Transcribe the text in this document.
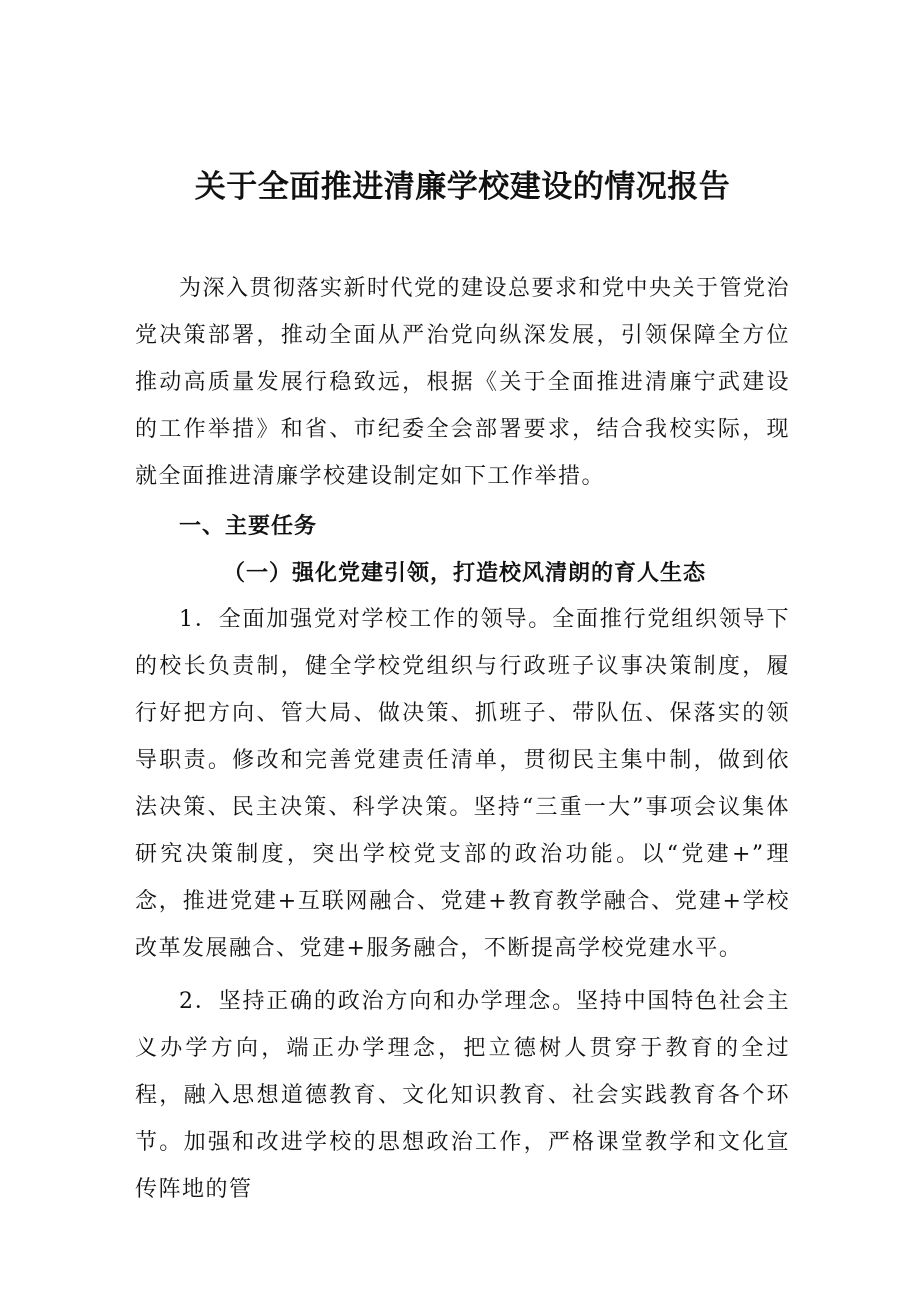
关于全面推进清廉学校建设的情况报告

为深入贯彻落实新时代党的建设总要求和党中央关于管党治党决策部署，推动全面从严治党向纵深发展，引领保障全方位推动高质量发展行稳致远，根据《关于全面推进清廉宁武建设的工作举措》和省、市纪委全会部署要求，结合我校实际，现就全面推进清廉学校建设制定如下工作举措。

一、主要任务
（一）强化党建引领，打造校风清朗的育人生态

1．全面加强党对学校工作的领导。全面推行党组织领导下的校长负责制，健全学校党组织与行政班子议事决策制度，履行好把方向、管大局、做决策、抓班子、带队伍、保落实的领导职责。修改和完善党建责任清单，贯彻民主集中制，做到依法决策、民主决策、科学决策。坚持“三重一大”事项会议集体研究决策制度，突出学校党支部的政治功能。以“党建+”理念，推进党建+互联网融合、党建+教育教学融合、党建+学校改革发展融合、党建+服务融合，不断提高学校党建水平。

2．坚持正确的政治方向和办学理念。坚持中国特色社会主义办学方向，端正办学理念，把立德树人贯穿于教育的全过程，融入思想道德教育、文化知识教育、社会实践教育各个环节。加强和改进学校的思想政治工作，严格课堂教学和文化宣传阵地的管
